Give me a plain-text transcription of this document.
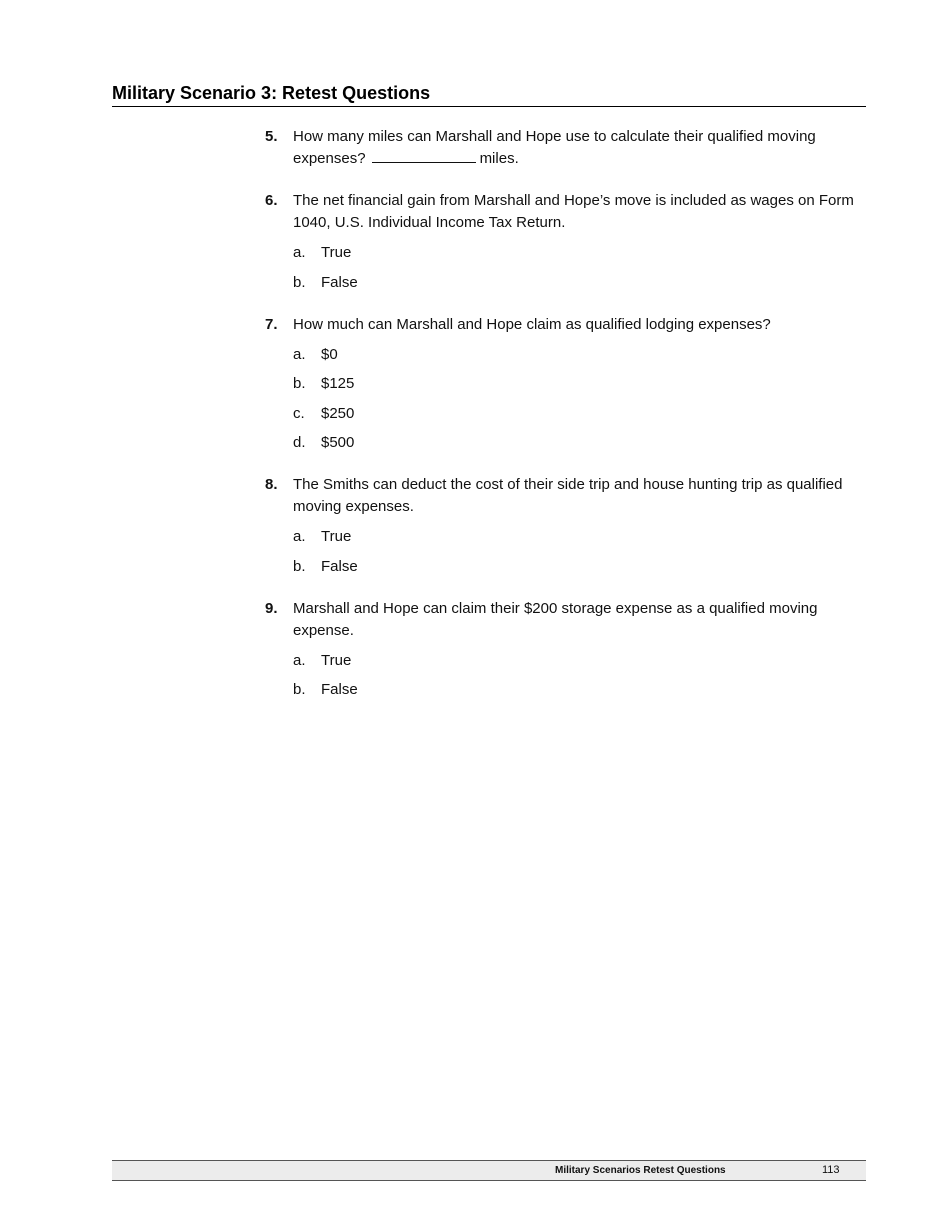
Military Scenario 3: Retest Questions
5. How many miles can Marshall and Hope use to calculate their qualified moving expenses?	miles.
6. The net financial gain from Marshall and Hope’s move is included as wages on Form 1040, U.S. Individual Income Tax Return.
a.	True
b.	False
7. How much can Marshall and Hope claim as qualified lodging expenses?
a.	$0
b.	$125
c.	$250
d.	$500
8. The Smiths can deduct the cost of their side trip and house hunting trip as qualified moving expenses.
a.	True
b.	False
9. Marshall and Hope can claim their $200 storage expense as a qualified moving expense.
a.	True
b.	False
Military Scenarios Retest Questions	113
